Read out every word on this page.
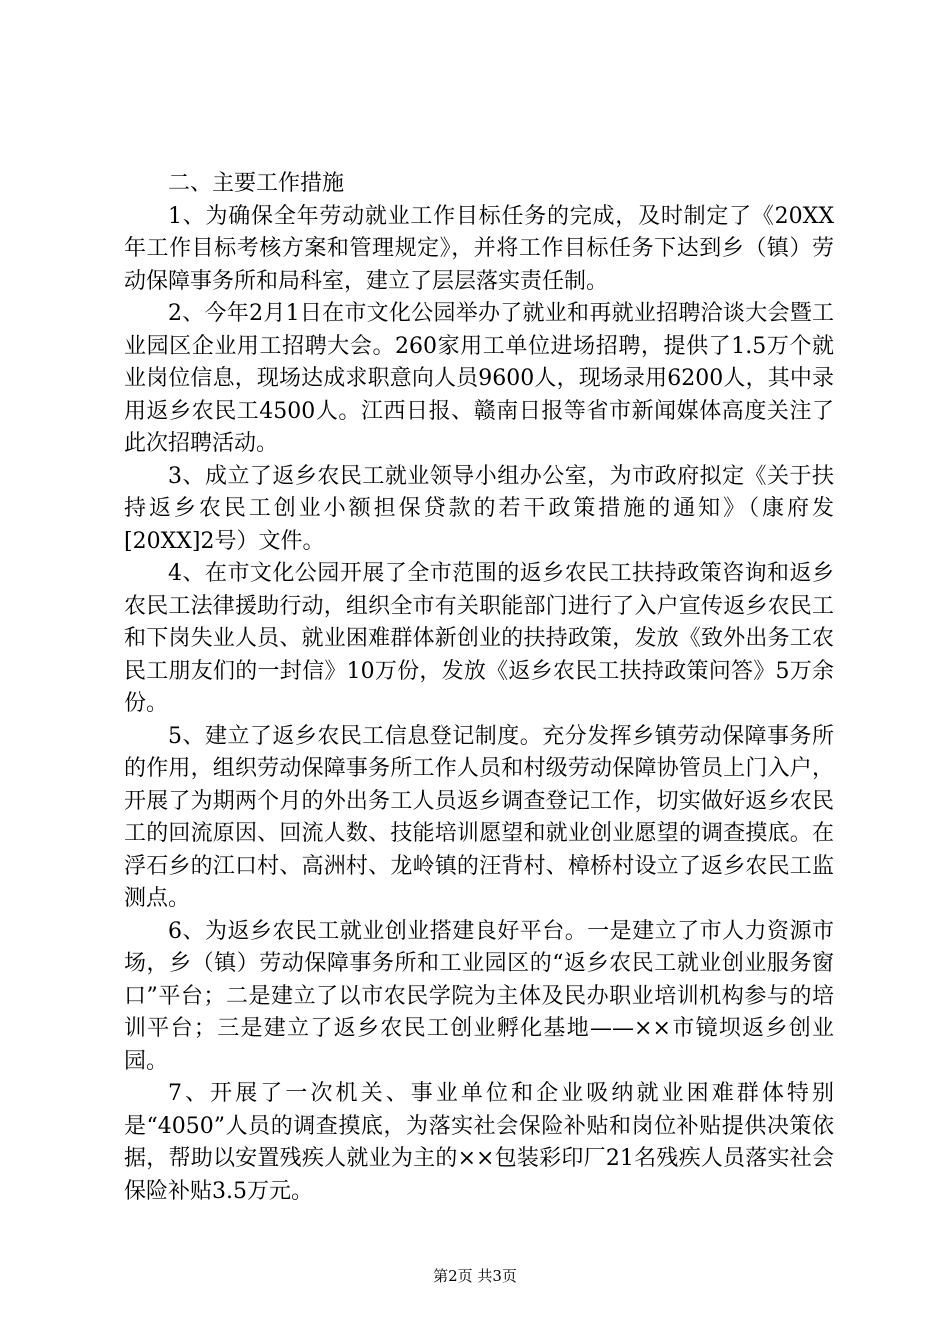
二、主要工作措施

1、为确保全年劳动就业工作目标任务的完成，及时制定了《20XX年工作目标考核方案和管理规定》，并将工作目标任务下达到乡（镇）劳动保障事务所和局科室，建立了层层落实责任制。

2、今年2月1日在市文化公园举办了就业和再就业招聘洽谈大会暨工业园区企业用工招聘大会。260家用工单位进场招聘，提供了1.5万个就业岗位信息，现场达成求职意向人员9600人，现场录用6200人，其中录用返乡农民工4500人。江西日报、赣南日报等省市新闻媒体高度关注了此次招聘活动。

3、成立了返乡农民工就业领导小组办公室，为市政府拟定《关于扶持返乡农民工创业小额担保贷款的若干政策措施的通知》（康府发[20XX]2号）文件。

4、在市文化公园开展了全市范围的返乡农民工扶持政策咨询和返乡农民工法律援助行动，组织全市有关职能部门进行了入户宣传返乡农民工和下岗失业人员、就业困难群体新创业的扶持政策，发放《致外出务工农民工朋友们的一封信》10万份，发放《返乡农民工扶持政策问答》5万余份。

5、建立了返乡农民工信息登记制度。充分发挥乡镇劳动保障事务所的作用，组织劳动保障事务所工作人员和村级劳动保障协管员上门入户，开展了为期两个月的外出务工人员返乡调查登记工作，切实做好返乡农民工的回流原因、回流人数、技能培训愿望和就业创业愿望的调查摸底。在浮石乡的江口村、高洲村、龙岭镇的汪背村、樟桥村设立了返乡农民工监测点。

6、为返乡农民工就业创业搭建良好平台。一是建立了市人力资源市场，乡（镇）劳动保障事务所和工业园区的“返乡农民工就业创业服务窗口”平台；二是建立了以市农民学院为主体及民办职业培训机构参与的培训平台；三是建立了返乡农民工创业孵化基地——××市镜坝返乡创业园。

7、开展了一次机关、事业单位和企业吸纳就业困难群体特别是“4050”人员的调查摸底，为落实社会保险补贴和岗位补贴提供决策依据，帮助以安置残疾人就业为主的××包装彩印厂21名残疾人员落实社会保险补贴3.5万元。

第2页 共3页
